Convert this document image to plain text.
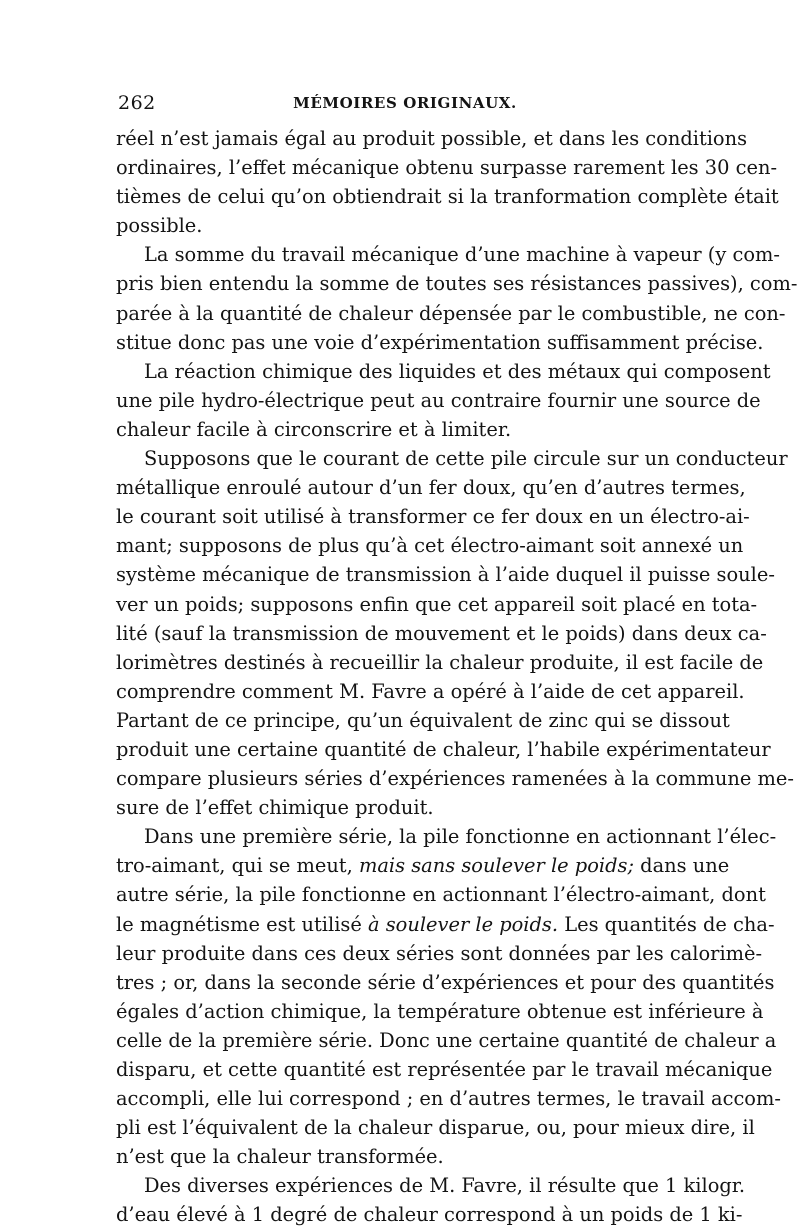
262	MÉMOIRES ORIGINAUX.
réel n’est jamais égal au produit possible, et dans les conditions
ordinaires, l’effet mécanique obtenu surpasse rarement les 30 cen-
tièmes de celui qu’on obtiendrait si la tranformation complète était
possible.
La somme du travail mécanique d’une machine à vapeur (y com-
pris bien entendu la somme de toutes ses résistances passives), com-
parée à la quantité de chaleur dépensée par le combustible, ne con-
stitue donc pas une voie d’expérimentation suffisamment précise.
La réaction chimique des liquides et des métaux qui composent
une pile hydro-électrique peut au contraire fournir une source de
chaleur facile à circonscrire et à limiter.
Supposons que le courant de cette pile circule sur un conducteur
métallique enroulé autour d’un fer doux, qu’en d’autres termes,
le courant soit utilisé à transformer ce fer doux en un électro-ai-
mant; supposons de plus qu’à cet électro-aimant soit annexé un
système mécanique de transmission à l’aide duquel il puisse soule-
ver un poids; supposons enfin que cet appareil soit placé en tota-
lité (sauf la transmission de mouvement et le poids) dans deux ca-
lorimètres destinés à recueillir la chaleur produite, il est facile de
comprendre comment M. Favre a opéré à l’aide de cet appareil.
Partant de ce principe, qu’un équivalent de zinc qui se dissout
produit une certaine quantité de chaleur, l’habile expérimentateur
compare plusieurs séries d’expériences ramenées à la commune me-
sure de l’effet chimique produit.
Dans une première série, la pile fonctionne en actionnant l’élec-
tro-aimant, qui se meut, mais sans soulever le poids; dans une
autre série, la pile fonctionne en actionnant l’électro-aimant, dont
le magnétisme est utilisé à soulever le poids. Les quantités de cha-
leur produite dans ces deux séries sont données par les calorimè-
tres ; or, dans la seconde série d’expériences et pour des quantités
égales d’action chimique, la température obtenue est inférieure à
celle de la première série. Donc une certaine quantité de chaleur a
disparu, et cette quantité est représentée par le travail mécanique
accompli, elle lui correspond ; en d’autres termes, le travail accom-
pli est l’équivalent de la chaleur disparue, ou, pour mieux dire, il
n’est que la chaleur transformée.
Des diverses expériences de M. Favre, il résulte que 1 kilogr.
d’eau élevé à 1 degré de chaleur correspond à un poids de 1 ki-
